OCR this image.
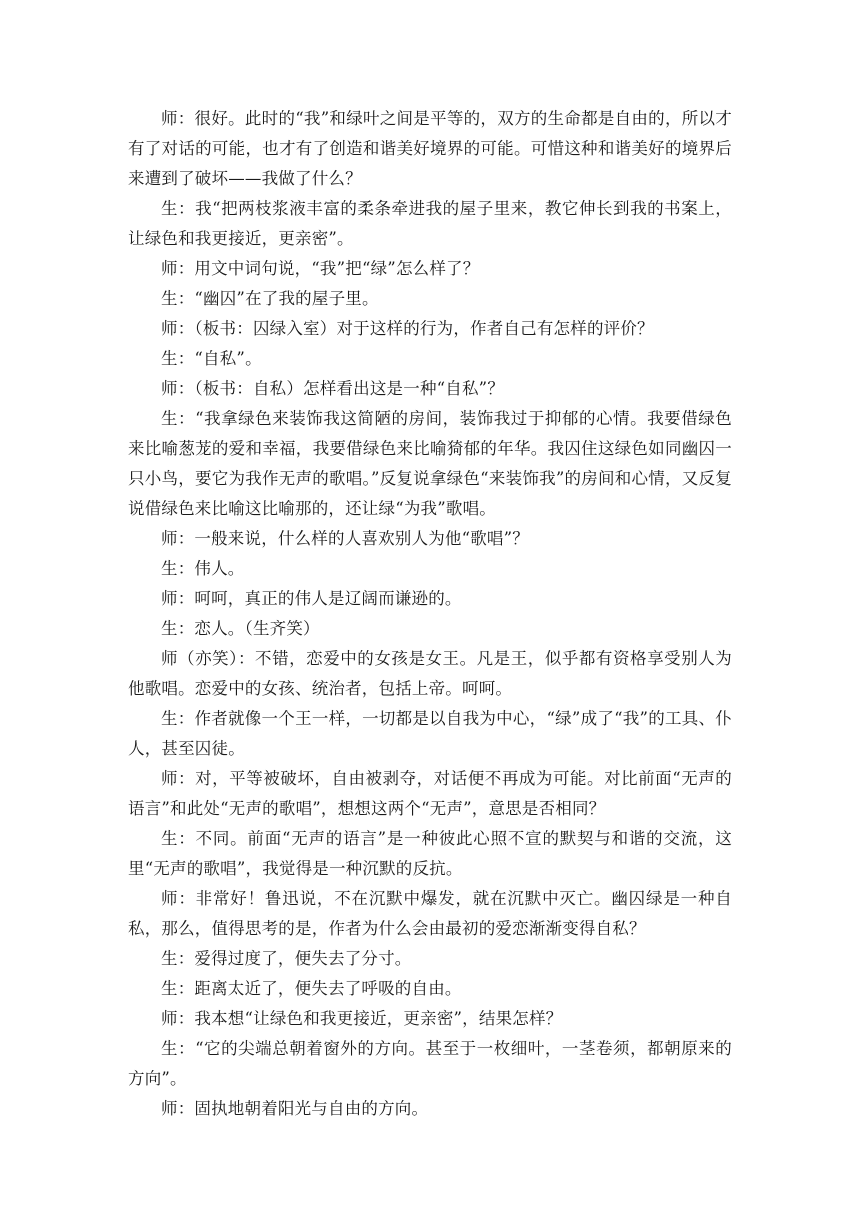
师：很好。此时的“我”和绿叶之间是平等的，双方的生命都是自由的，所以才有了对话的可能，也才有了创造和谐美好境界的可能。可惜这种和谐美好的境界后来遭到了破坏——我做了什么？

生：我“把两枝浆液丰富的柔条牵进我的屋子里来，教它伸长到我的书案上，让绿色和我更接近，更亲密”。

师：用文中词句说，“我”把“绿”怎么样了？

生：“幽囚”在了我的屋子里。

师：（板书：囚绿入室）对于这样的行为，作者自己有怎样的评价？

生：“自私”。

师：（板书：自私）怎样看出这是一种“自私”？

生：“我拿绿色来装饰我这简陋的房间，装饰我过于抑郁的心情。我要借绿色来比喻葱茏的爱和幸福，我要借绿色来比喻猗郁的年华。我囚住这绿色如同幽囚一只小鸟，要它为我作无声的歌唱。”反复说拿绿色“来装饰我”的房间和心情，又反复说借绿色来比喻这比喻那的，还让绿“为我”歌唱。

师：一般来说，什么样的人喜欢别人为他“歌唱”？

生：伟人。

师：呵呵，真正的伟人是辽阔而谦逊的。

生：恋人。（生齐笑）

师（亦笑）：不错，恋爱中的女孩是女王。凡是王，似乎都有资格享受别人为他歌唱。恋爱中的女孩、统治者，包括上帝。呵呵。

生：作者就像一个王一样，一切都是以自我为中心，“绿”成了“我”的工具、仆人，甚至囚徒。

师：对，平等被破坏，自由被剥夺，对话便不再成为可能。对比前面“无声的语言”和此处“无声的歌唱”，想想这两个“无声”，意思是否相同？

生：不同。前面“无声的语言”是一种彼此心照不宣的默契与和谐的交流，这里“无声的歌唱”，我觉得是一种沉默的反抗。

师：非常好！鲁迅说，不在沉默中爆发，就在沉默中灭亡。幽囚绿是一种自私，那么，值得思考的是，作者为什么会由最初的爱恋渐渐变得自私？

生：爱得过度了，便失去了分寸。

生：距离太近了，便失去了呼吸的自由。

师：我本想“让绿色和我更接近，更亲密”，结果怎样？

生：“它的尖端总朝着窗外的方向。甚至于一枚细叶，一茎卷须，都朝原来的方向”。

师：固执地朝着阳光与自由的方向。
